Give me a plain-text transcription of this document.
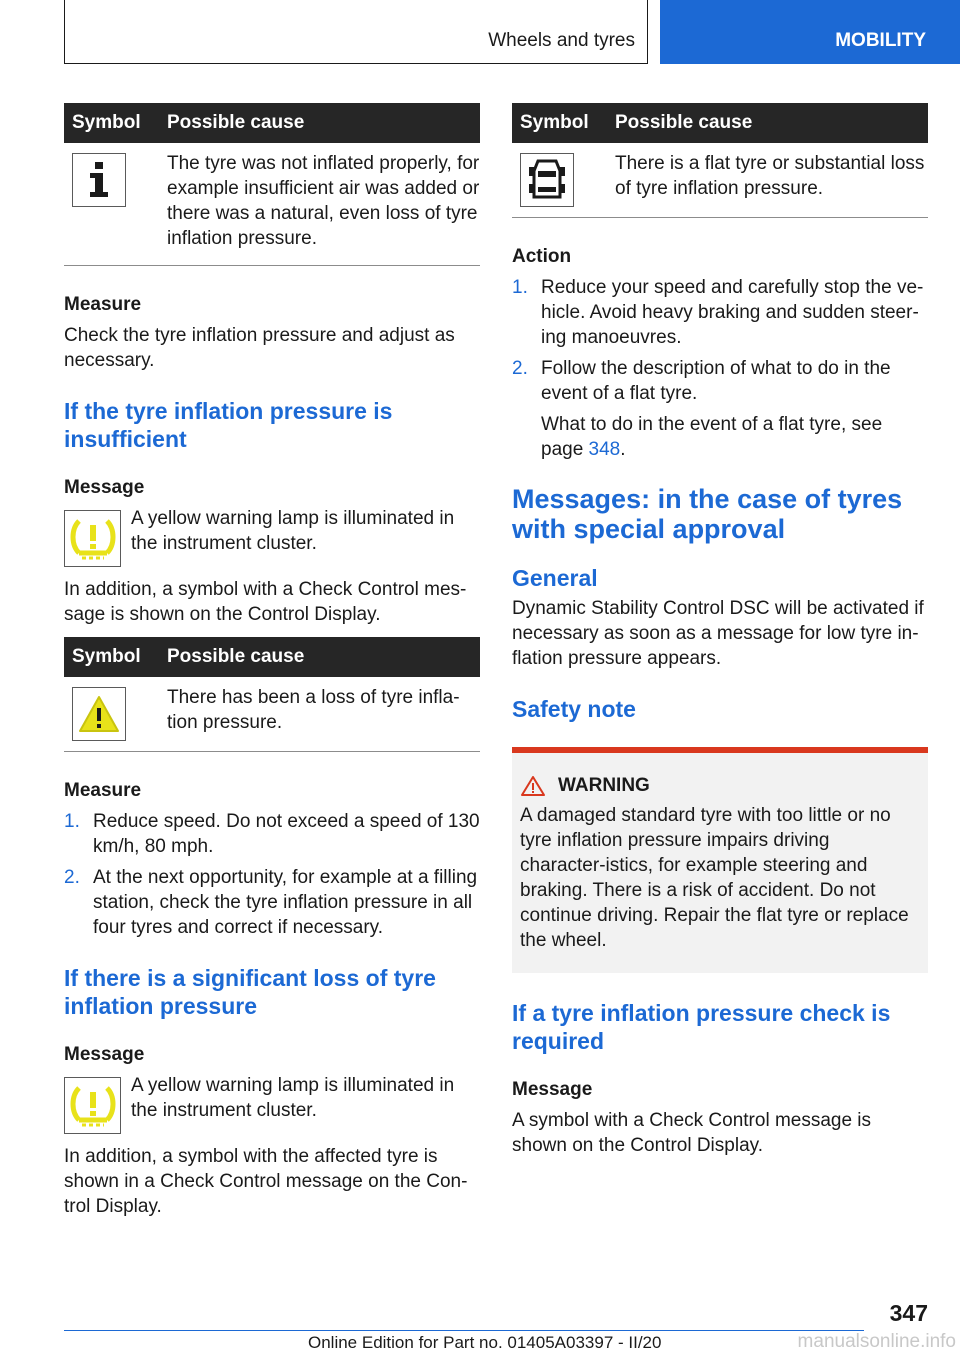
Wheels and tyres	MOBILITY
Symbol	Possible cause

	The tyre was not inflated properly, for example insufficient air was added or there was a natural, even loss of tyre inflation pressure.

Measure

Check the tyre inflation pressure and adjust as necessary.

If the tyre inflation pressure is insufficient

Message

A yellow warning lamp is illuminated in the instrument cluster.

In addition, a symbol with a Check Control mes-sage is shown on the Control Display.

Symbol	Possible cause

	There has been a loss of tyre infla-tion pressure.

Measure

1. Reduce speed. Do not exceed a speed of 130 km/h, 80 mph.
2. At the next opportunity, for example at a filling station, check the tyre inflation pressure in all four tyres and correct if necessary.
If there is a significant loss of tyre inflation pressure

Message

A yellow warning lamp is illuminated in the instrument cluster.

In addition, a symbol with the affected tyre is shown in a Check Control message on the Con-trol Display.

Symbol	Possible cause

	There is a flat tyre or substantial loss of tyre inflation pressure.

Action

1. Reduce your speed and carefully stop the ve-hicle. Avoid heavy braking and sudden steer-ing manoeuvres.
2. Follow the description of what to do in the event of a flat tyre.
What to do in the event of a flat tyre, see page 348.
Messages: in the case of tyres with special approval
General

Dynamic Stability Control DSC will be activated if necessary as soon as a message for low tyre in-flation pressure appears.

Safety note
WARNING

A damaged standard tyre with too little or no tyre inflation pressure impairs driving character-istics, for example steering and braking. There is a risk of accident. Do not continue driving. Repair the flat tyre or replace the wheel.

If a tyre inflation pressure check is required

Message

A symbol with a Check Control message is shown on the Control Display.

347
Online Edition for Part no. 01405A03397 - II/20	manualsonline.info
